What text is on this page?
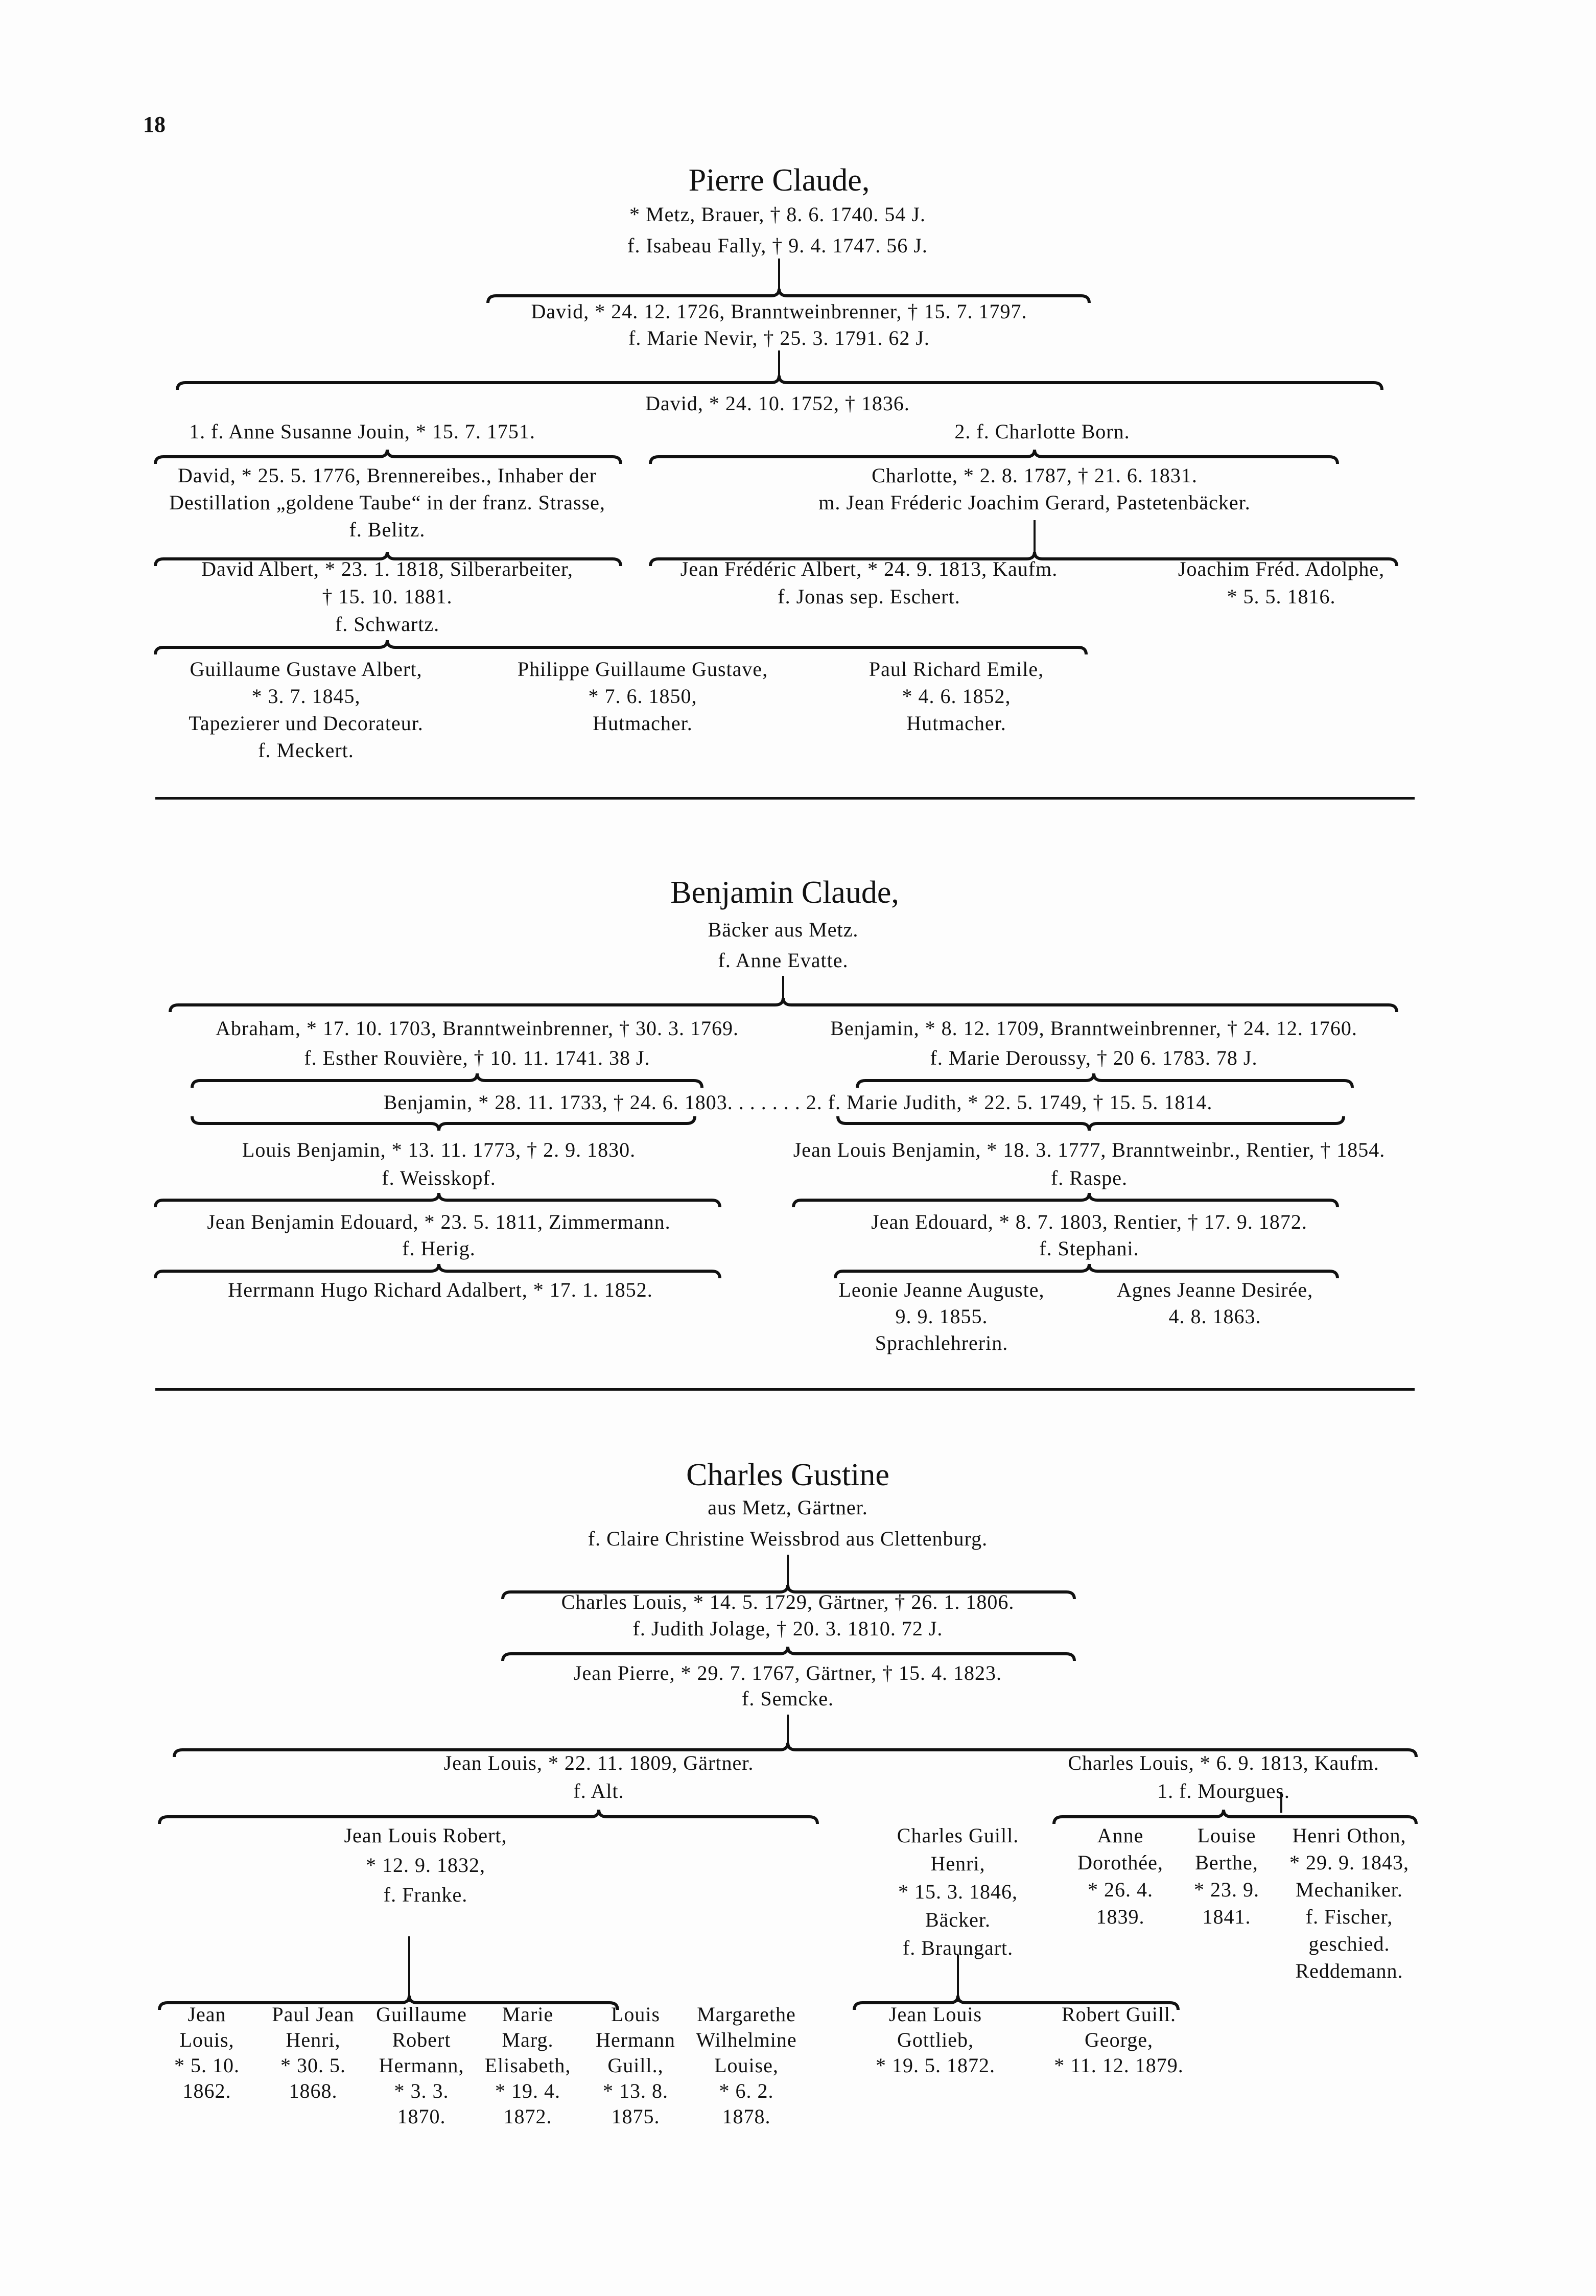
18
Pierre Claude,
Benjamin Claude,
Charles Gustine
* Metz, Brauer, † 8. 6. 1740. 54 J.
f. Isabeau Fally, † 9. 4. 1747. 56 J.
David, * 24. 12. 1726, Branntweinbrenner, † 15. 7. 1797.
f. Marie Nevir, † 25. 3. 1791. 62 J.
David, * 24. 10. 1752, † 1836.
1. f. Anne Susanne Jouin, * 15. 7. 1751.	2. f. Charlotte Born.
David, * 25. 5. 1776, Brennereibes., Inhaber der
Destillation „goldene Taube“ in der franz. Strasse,
f. Belitz.
Charlotte, * 2. 8. 1787, † 21. 6. 1831.
m. Jean Fréderic Joachim Gerard, Pastetenbäcker.
David Albert, * 23. 1. 1818, Silberarbeiter,
† 15. 10. 1881.
f. Schwartz.
Jean Frédéric Albert, * 24. 9. 1813, Kaufm.
f. Jonas sep. Eschert.
Joachim Fréd. Adolphe,
* 5. 5. 1816.
Guillaume Gustave Albert,
* 3. 7. 1845,
Tapezierer und Decorateur.
f. Meckert.
Philippe Guillaume Gustave,
* 7. 6. 1850,
Hutmacher.
Paul Richard Emile,
* 4. 6. 1852,
Hutmacher.
Bäcker aus Metz.
f. Anne Evatte.
Abraham, * 17. 10. 1703, Branntweinbrenner, † 30. 3. 1769.
f. Esther Rouvière, † 10. 11. 1741. 38 J.
Benjamin, * 8. 12. 1709, Branntweinbrenner, † 24. 12. 1760.
f. Marie Deroussy, † 20 6. 1783. 78 J.
Benjamin, * 28. 11. 1733, † 24. 6. 1803. . . . . . . 2. f. Marie Judith, * 22. 5. 1749, † 15. 5. 1814.
Louis Benjamin, * 13. 11. 1773, † 2. 9. 1830.
f. Weisskopf.
Jean Louis Benjamin, * 18. 3. 1777, Branntweinbr., Rentier, † 1854.
f. Raspe.
Jean Benjamin Edouard, * 23. 5. 1811, Zimmermann.
f. Herig.
Jean Edouard, * 8. 7. 1803, Rentier, † 17. 9. 1872.
f. Stephani.
Herrmann Hugo Richard Adalbert, * 17. 1. 1852.	Leonie Jeanne Auguste,
9. 9. 1855.
Sprachlehrerin.
Agnes Jeanne Desirée,
4. 8. 1863.
aus Metz, Gärtner.
f. Claire Christine Weissbrod aus Clettenburg.
Charles Louis, * 14. 5. 1729, Gärtner, † 26. 1. 1806.
f. Judith Jolage, † 20. 3. 1810. 72 J.
Jean Pierre, * 29. 7. 1767, Gärtner, † 15. 4. 1823.
f. Semcke.
Jean Louis, * 22. 11. 1809, Gärtner.
f. Alt.
Charles Louis, * 6. 9. 1813, Kaufm.
1. f. Mourgues.
Jean Louis Robert,
* 12. 9. 1832,
f. Franke.
Charles Guill.
Henri,
* 15. 3. 1846,
Bäcker.
f. Braungart.
Anne
Dorothée,
* 26. 4.
1839.
Louise
Berthe,
* 23. 9.
1841.
Henri Othon,
* 29. 9. 1843,
Mechaniker.
f. Fischer,
geschied.
Reddemann.
Jean
Louis,
* 5. 10.
1862.
Paul Jean
Henri,
* 30. 5.
1868.
Guillaume
Robert
Hermann,
* 3. 3.
1870.
Marie
Marg.
Elisabeth,
* 19. 4.
1872.
Louis
Hermann
Guill.,
* 13. 8.
1875.
Margarethe
Wilhelmine
Louise,
* 6. 2.
1878.
Jean Louis
Gottlieb,
* 19. 5. 1872.
Robert Guill.
George,
* 11. 12. 1879.
